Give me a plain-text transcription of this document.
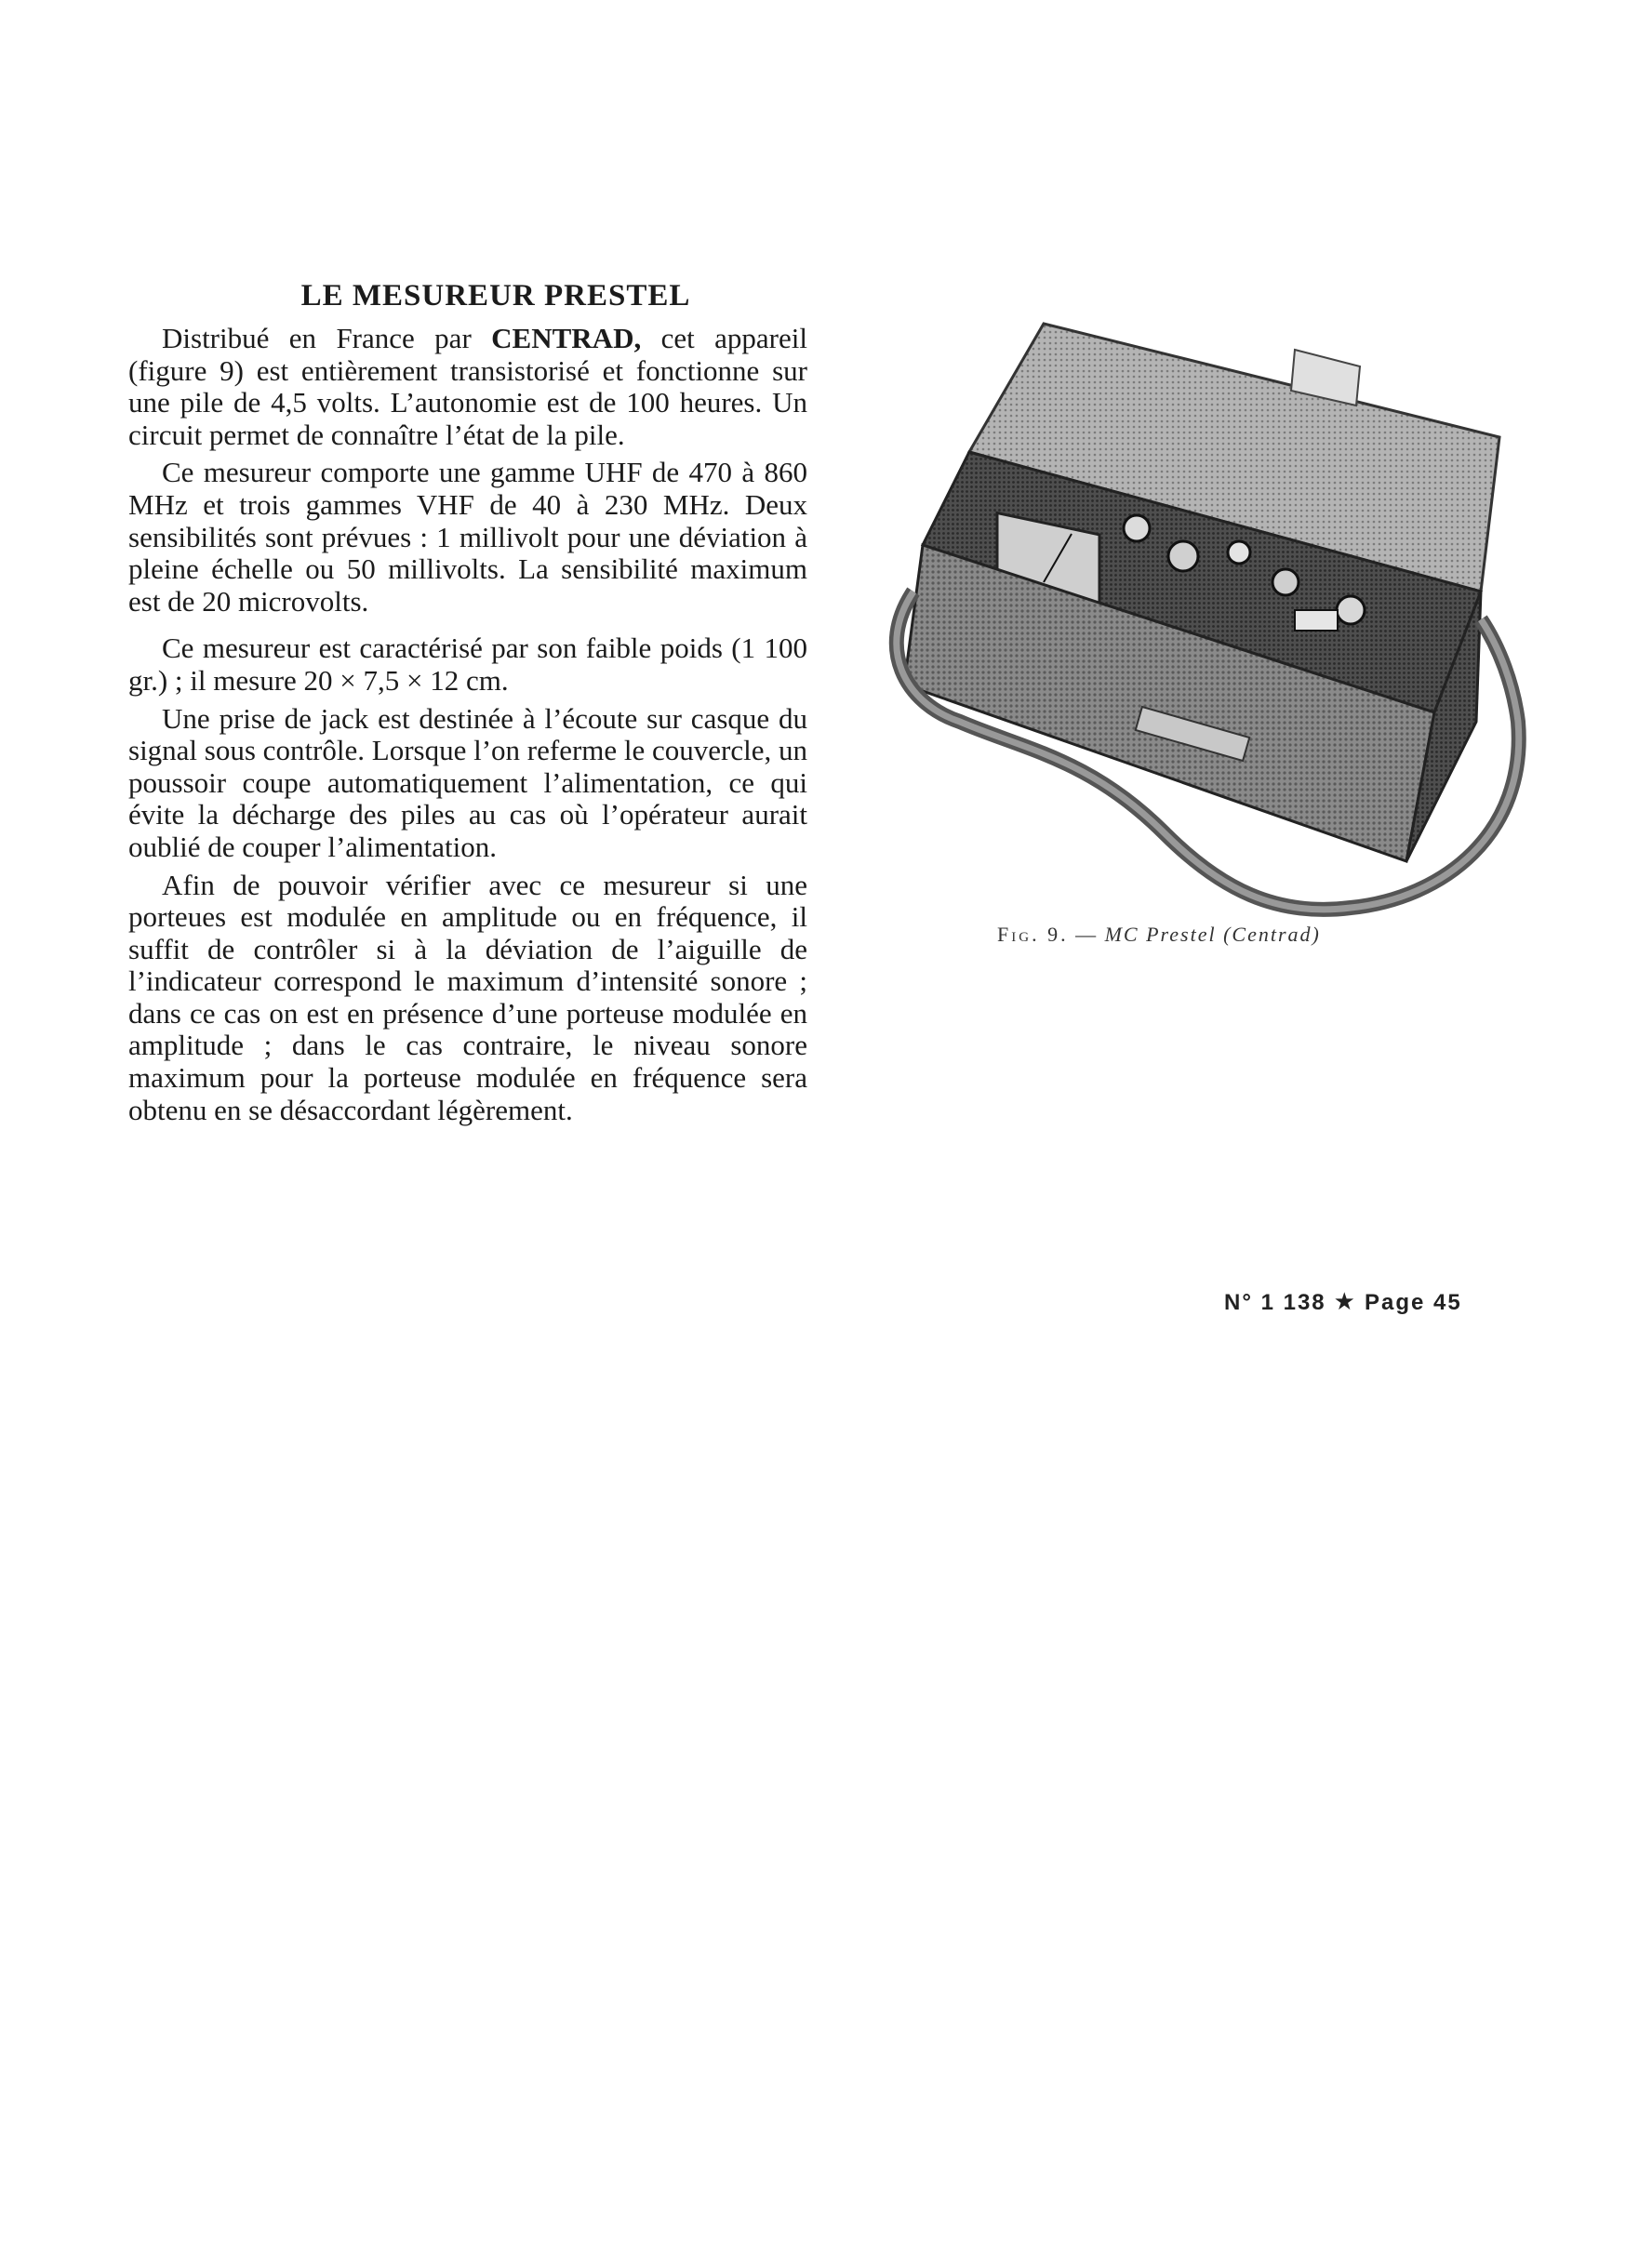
LE MESUREUR PRESTEL

Distribué en France par CENTRAD, cet appareil (figure 9) est entièrement transistorisé et fonctionne sur une pile de 4,5 volts. L’autonomie est de 100 heures. Un circuit permet de connaître l’état de la pile.

Ce mesureur comporte une gamme UHF de 470 à 860 MHz et trois gammes VHF de 40 à 230 MHz. Deux sensibilités sont prévues : 1 millivolt pour une déviation à pleine échelle ou 50 millivolts. La sensibilité maximum est de 20 microvolts.

Ce mesureur est caractérisé par son faible poids (1 100 gr.) ; il mesure 20 × 7,5 × 12 cm.

Une prise de jack est destinée à l’écoute sur casque du signal sous contrôle. Lorsque l’on referme le couvercle, un poussoir coupe automatiquement l’alimentation, ce qui évite la décharge des piles au cas où l’opérateur aurait oublié de couper l’alimentation.

Afin de pouvoir vérifier avec ce mesureur si une porteues est modulée en amplitude ou en fréquence, il suffit de contrôler si à la déviation de l’aiguille de l’indicateur correspond le maximum d’intensité sonore ; dans ce cas on est en présence d’une porteuse modulée en amplitude ; dans le cas contraire, le niveau sonore maximum pour la porteuse modulée en fréquence sera obtenu en se désaccordant légèrement.

Fig. 9. — MC Prestel (Centrad)
N° 1 138 ★ Page 45
